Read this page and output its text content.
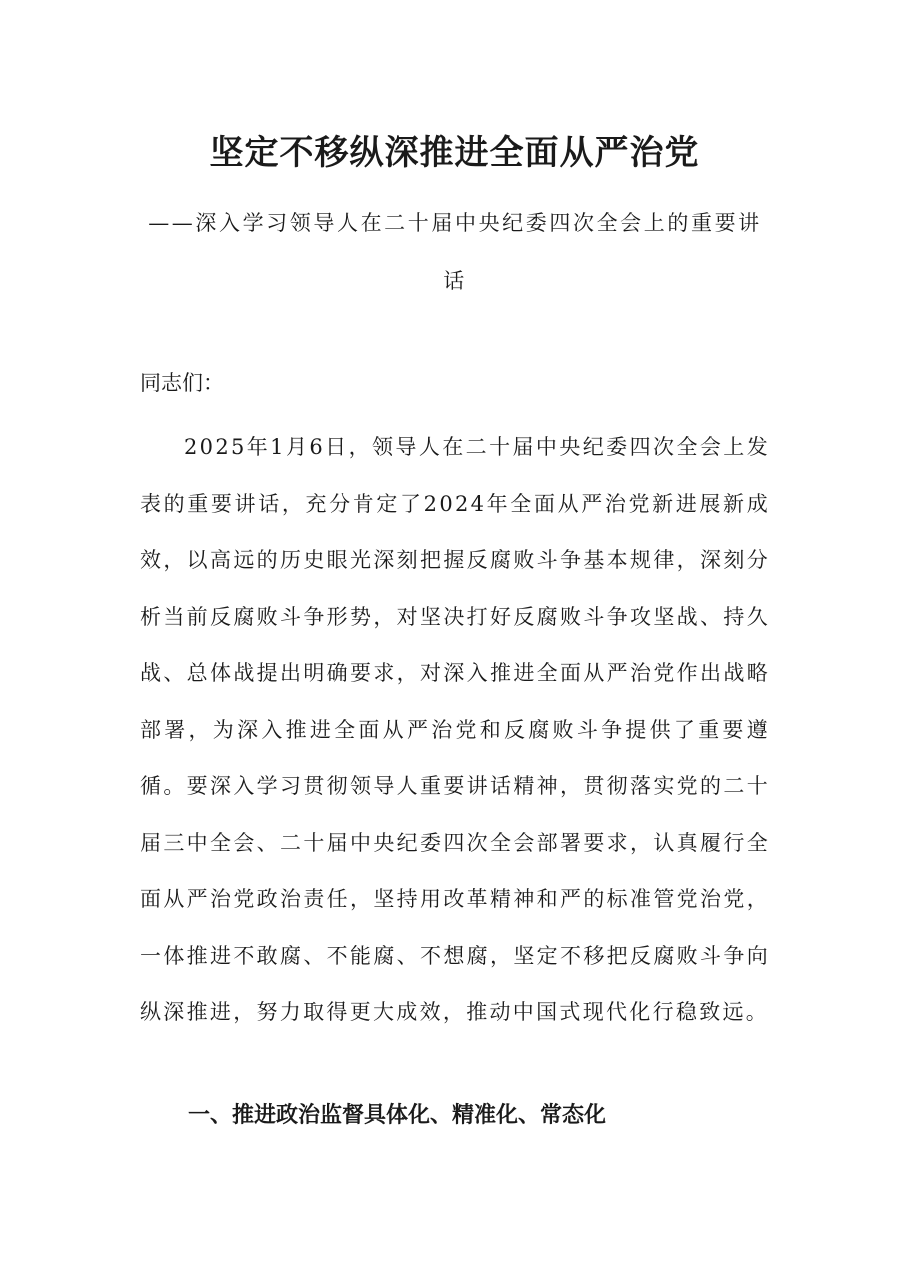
坚定不移纵深推进全面从严治党

——深入学习领导人在二十届中央纪委四次全会上的重要讲话

同志们：

2025年1月6日，领导人在二十届中央纪委四次全会上发表的重要讲话，充分肯定了2024年全面从严治党新进展新成效，以高远的历史眼光深刻把握反腐败斗争基本规律，深刻分析当前反腐败斗争形势，对坚决打好反腐败斗争攻坚战、持久战、总体战提出明确要求，对深入推进全面从严治党作出战略部署，为深入推进全面从严治党和反腐败斗争提供了重要遵循。要深入学习贯彻领导人重要讲话精神，贯彻落实党的二十届三中全会、二十届中央纪委四次全会部署要求，认真履行全面从严治党政治责任，坚持用改革精神和严的标准管党治党，一体推进不敢腐、不能腐、不想腐，坚定不移把反腐败斗争向纵深推进，努力取得更大成效，推动中国式现代化行稳致远。

一、推进政治监督具体化、精准化、常态化
